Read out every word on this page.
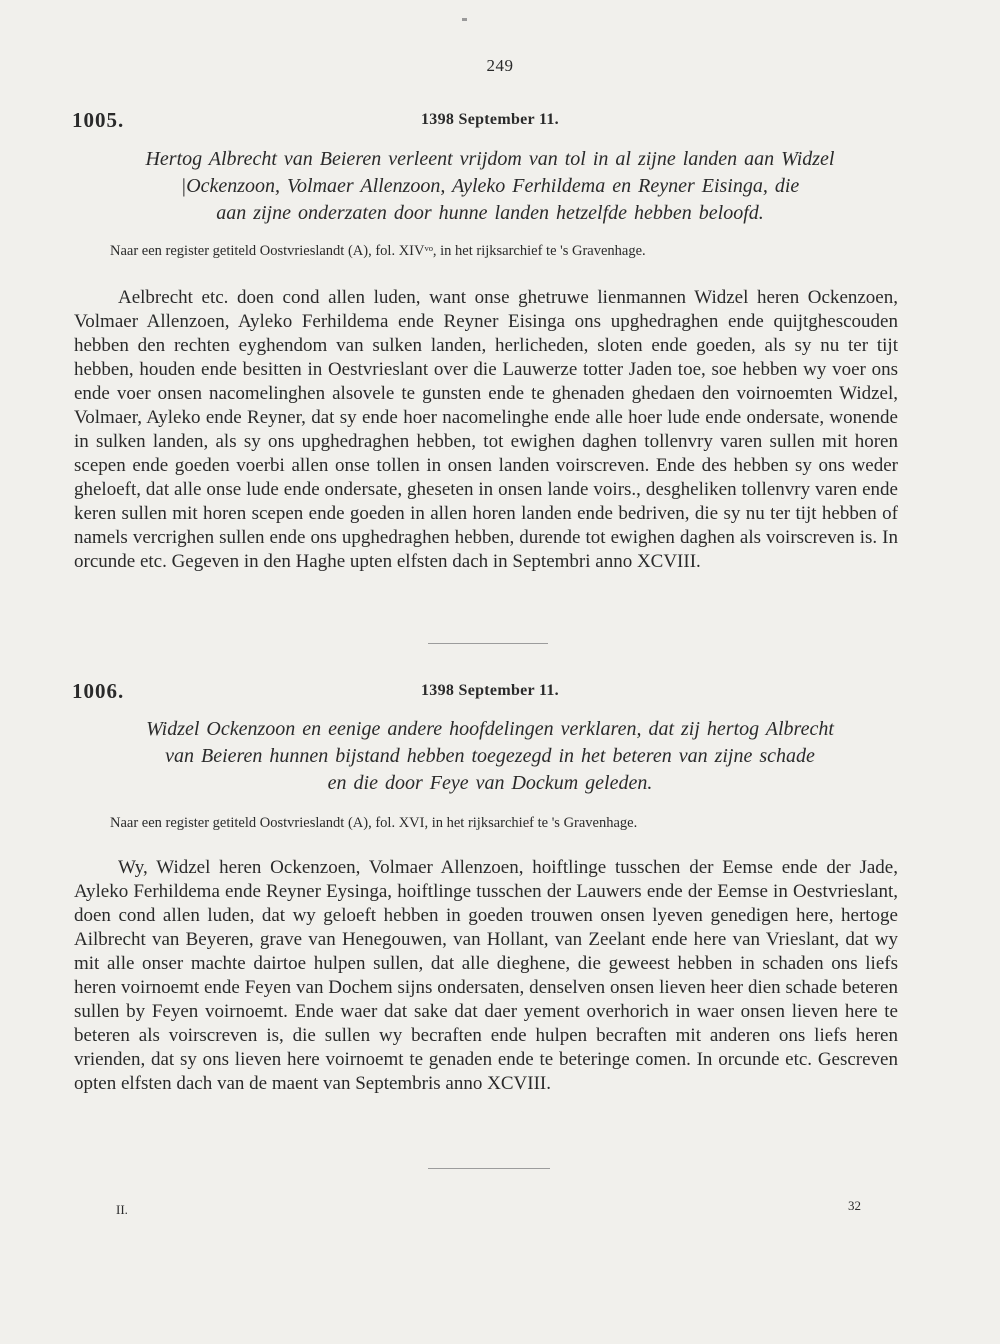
249
1005.	1398 September 11.
Hertog Albrecht van Beieren verleent vrijdom van tol in al zijne landen aan Widzel
|Ockenzoon, Volmaer Allenzoon, Ayleko Ferhildema en Reyner Eisinga, die
aan zijne onderzaten door hunne landen hetzelfde hebben beloofd.
Naar een register getiteld Oostvrieslandt (A), fol. XIVᵛᵒ, in het rijksarchief te 's Gravenhage.

Aelbrecht etc. doen cond allen luden, want onse ghetruwe lienmannen Widzel heren Ockenzoen, Volmaer Allenzoen, Ayleko Ferhildema ende Reyner Eisinga ons upghedraghen ende quijtghescouden hebben den rechten eyghendom van sulken landen, herlicheden, sloten ende goeden, als sy nu ter tijt hebben, houden ende besitten in Oestvrieslant over die Lauwerze totter Jaden toe, soe hebben wy voer ons ende voer onsen nacomelinghen alsovele te gunsten ende te ghenaden ghedaen den voirnoemten Widzel, Volmaer, Ayleko ende Reyner, dat sy ende hoer nacomelinghe ende alle hoer lude ende ondersate, wonende in sulken landen, als sy ons upghedraghen hebben, tot ewighen daghen tollenvry varen sullen mit horen scepen ende goeden voerbi allen onse tollen in onsen landen voirscreven. Ende des hebben sy ons weder gheloeft, dat alle onse lude ende ondersate, gheseten in onsen lande voirs., desgheliken tollenvry varen ende keren sullen mit horen scepen ende goeden in allen horen landen ende bedriven, die sy nu ter tijt hebben of namels vercrighen sullen ende ons upghedraghen hebben, durende tot ewighen daghen als voirscreven is. In orcunde etc. Gegeven in den Haghe upten elfsten dach in Septembri anno XCVIII.

1006.	1398 September 11.
Widzel Ockenzoon en eenige andere hoofdelingen verklaren, dat zij hertog Albrecht
van Beieren hunnen bijstand hebben toegezegd in het beteren van zijne schade
en die door Feye van Dockum geleden.
Naar een register getiteld Oostvrieslandt (A), fol. XVI, in het rijksarchief te 's Gravenhage.

Wy, Widzel heren Ockenzoen, Volmaer Allenzoen, hoiftlinge tusschen der Eemse ende der Jade, Ayleko Ferhildema ende Reyner Eysinga, hoiftlinge tusschen der Lauwers ende der Eemse in Oestvrieslant, doen cond allen luden, dat wy geloeft hebben in goeden trouwen onsen lyeven genedigen here, hertoge Ailbrecht van Beyeren, grave van Henegouwen, van Hollant, van Zeelant ende here van Vrieslant, dat wy mit alle onser machte dairtoe hulpen sullen, dat alle dieghene, die geweest hebben in schaden ons liefs heren voirnoemt ende Feyen van Dochem sijns ondersaten, denselven onsen lieven heer dien schade beteren sullen by Feyen voirnoemt. Ende waer dat sake dat daer yement overhorich in waer onsen lieven here te beteren als voirscreven is, die sullen wy becraften ende hulpen becraften mit anderen ons liefs heren vrienden, dat sy ons lieven here voirnoemt te genaden ende te beteringe comen. In orcunde etc. Gescreven opten elfsten dach van de maent van Septembris anno XCVIII.

II.	32
